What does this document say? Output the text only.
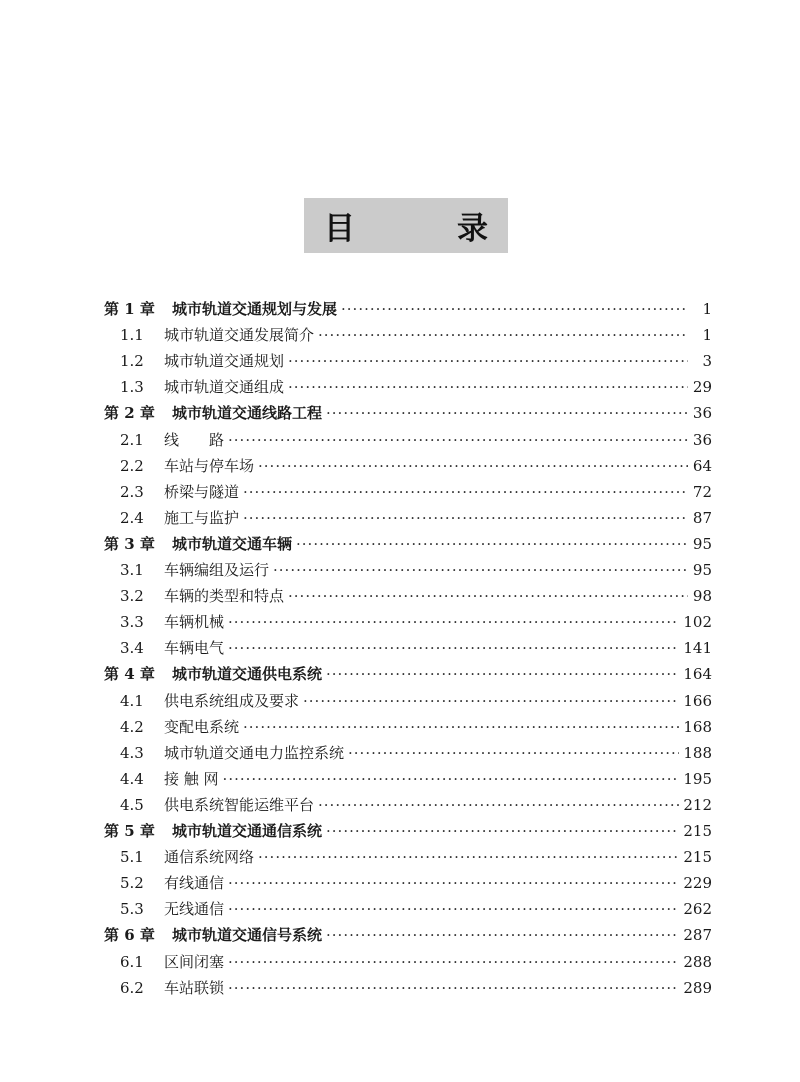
目	录
第 1 章	城市轨道交通规划与发展 ·····	1
1.1	城市轨道交通发展简介 ·····	1
1.2	城市轨道交通规划 ·····	3
1.3	城市轨道交通组成 ·····	29
第 2 章	城市轨道交通线路工程 ·····	36
2.1	线　　路 ·····	36
2.2	车站与停车场 ·····	64
2.3	桥梁与隧道 ·····	72
2.4	施工与监护 ·····	87
第 3 章	城市轨道交通车辆 ·····	95
3.1	车辆编组及运行 ·····	95
3.2	车辆的类型和特点 ·····	98
3.3	车辆机械 ·····	102
3.4	车辆电气 ·····	141
第 4 章	城市轨道交通供电系统 ·····	164
4.1	供电系统组成及要求 ·····	166
4.2	变配电系统 ·····	168
4.3	城市轨道交通电力监控系统 ·····	188
4.4	接 触 网 ·····	195
4.5	供电系统智能运维平台 ·····	212
第 5 章	城市轨道交通通信系统 ·····	215
5.1	通信系统网络 ·····	215
5.2	有线通信 ·····	229
5.3	无线通信 ·····	262
第 6 章	城市轨道交通信号系统 ·····	287
6.1	区间闭塞 ·····	288
6.2	车站联锁 ·····	289
